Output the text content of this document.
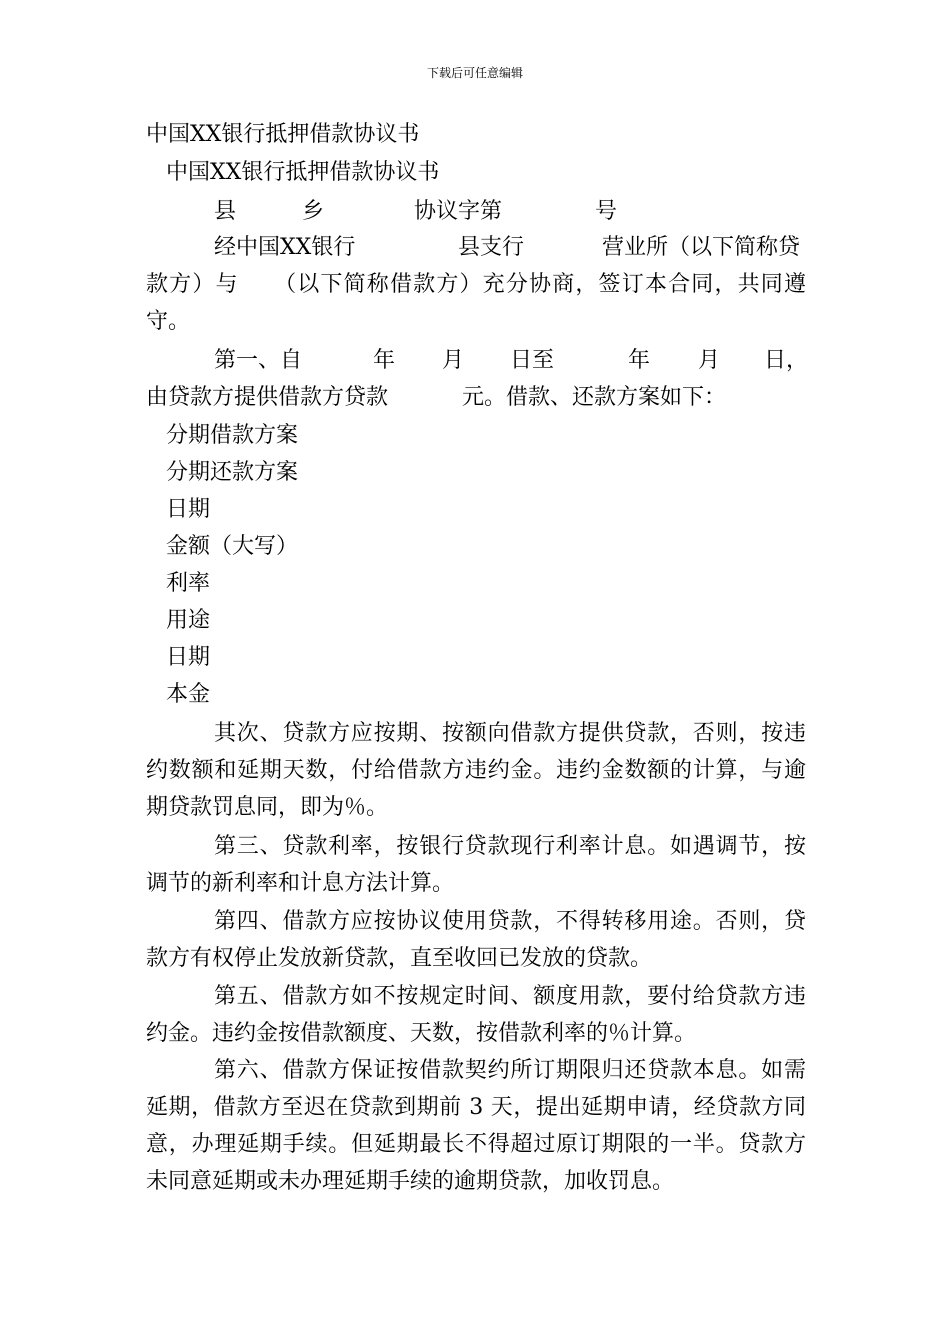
下载后可任意编辑
中国XX银行抵押借款协议书
中国XX银行抵押借款协议书
县	乡	协议字第	号
经中国XX银行	县支行	营业所（以下简称贷
款方）与　　（以下简称借款方）充分协商，签订本合同，共同遵
守。
第一、自	年 月 日至	年 月 日，
由贷款方提供借款方贷款	元。借款、还款方案如下：
分期借款方案
分期还款方案
日期
金额（大写）
利率
用途
日期
本金
其次、贷款方应按期、按额向借款方提供贷款，否则，按违
约数额和延期天数，付给借款方违约金。违约金数额的计算，与逾
期贷款罚息同，即为％。
第三、贷款利率，按银行贷款现行利率计息。如遇调节，按
调节的新利率和计息方法计算。
第四、借款方应按协议使用贷款，不得转移用途。否则，贷
款方有权停止发放新贷款，直至收回已发放的贷款。
第五、借款方如不按规定时间、额度用款，要付给贷款方违
约金。违约金按借款额度、天数，按借款利率的％计算。
第六、借款方保证按借款契约所订期限归还贷款本息。如需
延期，借款方至迟在贷款到期前 3 天，提出延期申请，经贷款方同
意，办理延期手续。但延期最长不得超过原订期限的一半。贷款方
未同意延期或未办理延期手续的逾期贷款，加收罚息。
